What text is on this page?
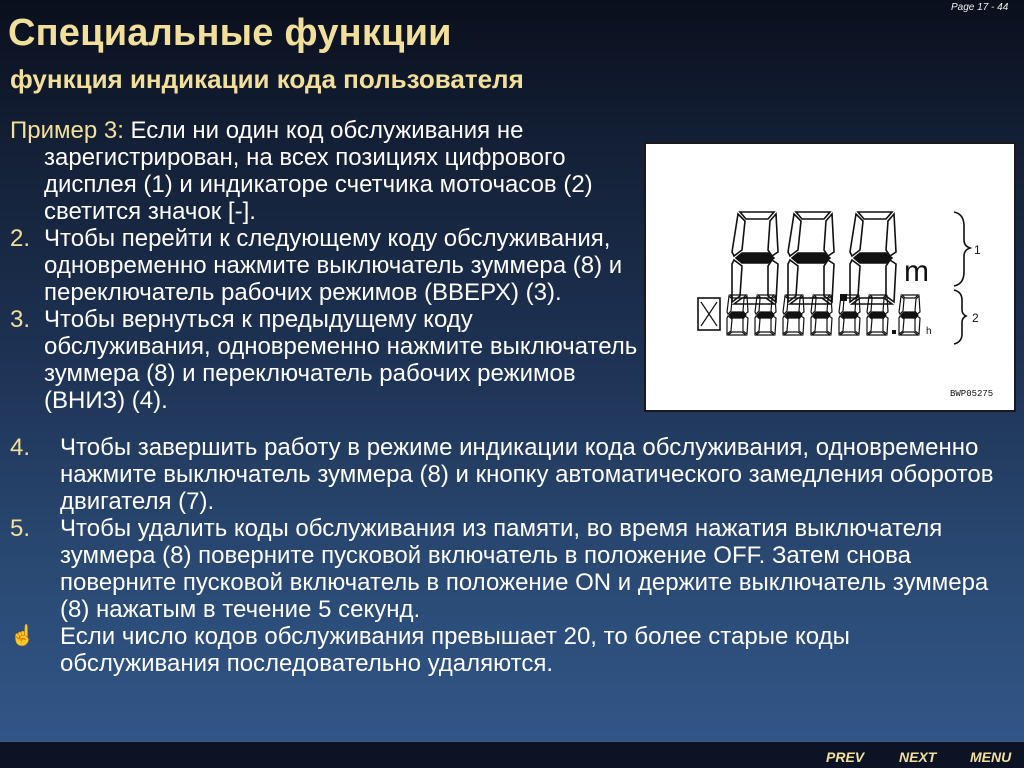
Page 17 - 44
Специальные функции
функция индикации кода пользователя
Пример 3: Если ни один код обслуживания не
зарегистрирован, на всех позициях цифрового дисплея (1) и индикаторе счетчика моточасов (2) светится значок [-].
2. Чтобы перейти к следующему коду обслуживания, одновременно нажмите выключатель зуммера (8) и переключатель рабочих режимов (ВВЕРХ) (3).
3. Чтобы вернуться к предыдущему коду обслуживания, одновременно нажмите выключатель зуммера (8) и переключатель рабочих режимов (ВНИЗ) (4).
m
1
h
2
BWP05275
4. Чтобы завершить работу в режиме индикации кода обслуживания, одновременно нажмите выключатель зуммера (8) и кнопку автоматического замедления оборотов двигателя (7).
5. Чтобы удалить коды обслуживания из памяти, во время нажатия выключателя зуммера (8) поверните пусковой включатель в положение OFF. Затем снова поверните пусковой включатель в положение ON и держите выключатель зуммера (8) нажатым в течение 5 секунд.
☝ Если число кодов обслуживания превышает 20, то более старые коды обслуживания последовательно удаляются.
PREV NEXT MENU
